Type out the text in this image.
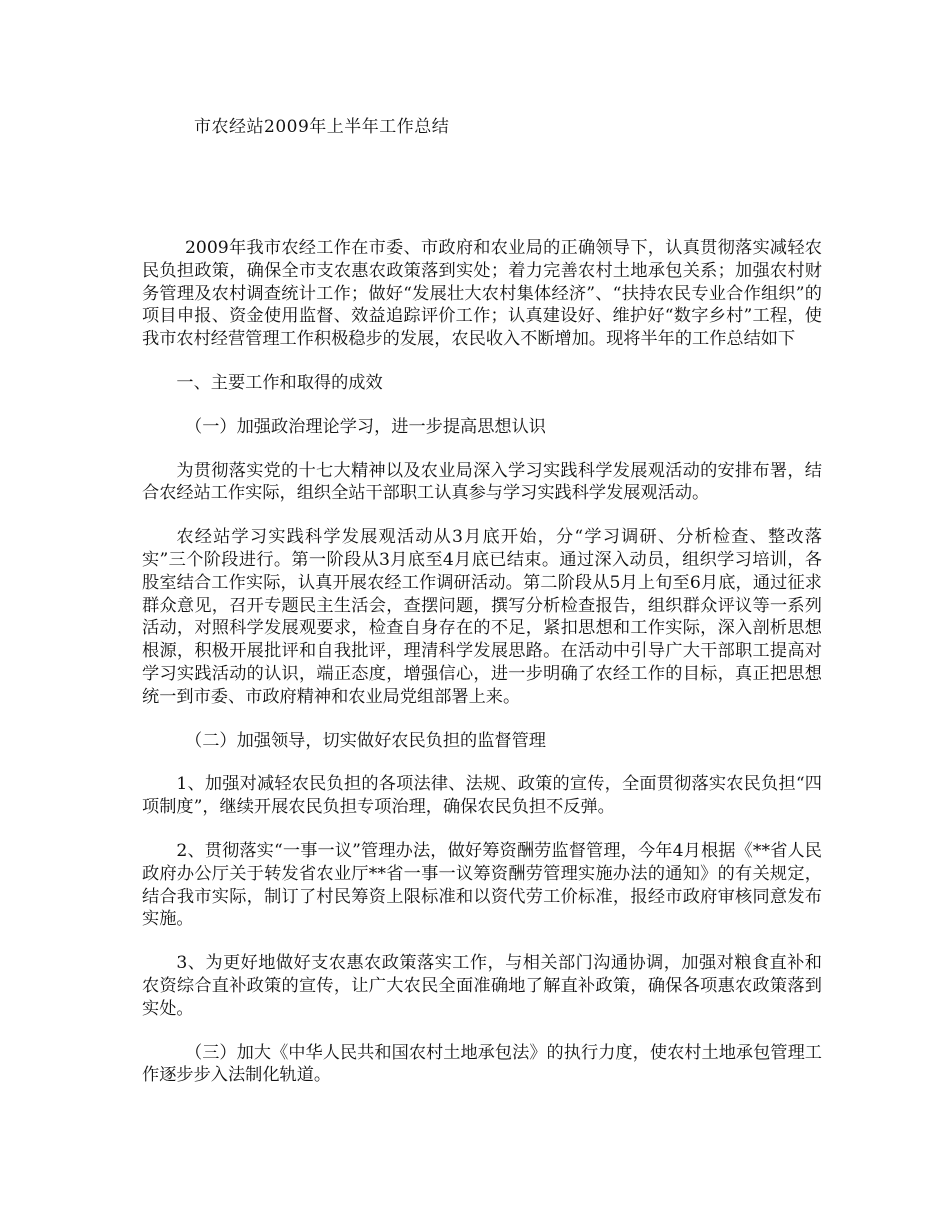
市农经站2009年上半年工作总结

2009年我市农经工作在市委、市政府和农业局的正确领导下，认真贯彻落实减轻农民负担政策，确保全市支农惠农政策落到实处；着力完善农村土地承包关系；加强农村财务管理及农村调查统计工作；做好“发展壮大农村集体经济”、“扶持农民专业合作组织”的项目申报、资金使用监督、效益追踪评价工作；认真建设好、维护好“数字乡村”工程，使我市农村经营管理工作积极稳步的发展，农民收入不断增加。现将半年的工作总结如下

一、主要工作和取得的成效

（一）加强政治理论学习，进一步提高思想认识

为贯彻落实党的十七大精神以及农业局深入学习实践科学发展观活动的安排布署，结合农经站工作实际，组织全站干部职工认真参与学习实践科学发展观活动。

农经站学习实践科学发展观活动从3月底开始，分“学习调研、分析检查、整改落实”三个阶段进行。第一阶段从3月底至4月底已结束。通过深入动员，组织学习培训，各股室结合工作实际，认真开展农经工作调研活动。第二阶段从5月上旬至6月底，通过征求群众意见，召开专题民主生活会，查摆问题，撰写分析检查报告，组织群众评议等一系列活动，对照科学发展观要求，检查自身存在的不足，紧扣思想和工作实际，深入剖析思想根源，积极开展批评和自我批评，理清科学发展思路。在活动中引导广大干部职工提高对学习实践活动的认识，端正态度，增强信心，进一步明确了农经工作的目标，真正把思想统一到市委、市政府精神和农业局党组部署上来。

（二）加强领导，切实做好农民负担的监督管理

1、加强对减轻农民负担的各项法律、法规、政策的宣传，全面贯彻落实农民负担“四项制度”，继续开展农民负担专项治理，确保农民负担不反弹。

2、贯彻落实“一事一议”管理办法，做好筹资酬劳监督管理，今年4月根据《**省人民政府办公厅关于转发省农业厅**省一事一议筹资酬劳管理实施办法的通知》的有关规定，结合我市实际，制订了村民筹资上限标准和以资代劳工价标准，报经市政府审核同意发布实施。

3、为更好地做好支农惠农政策落实工作，与相关部门沟通协调，加强对粮食直补和农资综合直补政策的宣传，让广大农民全面准确地了解直补政策，确保各项惠农政策落到实处。

（三）加大《中华人民共和国农村土地承包法》的执行力度，使农村土地承包管理工作逐步步入法制化轨道。
